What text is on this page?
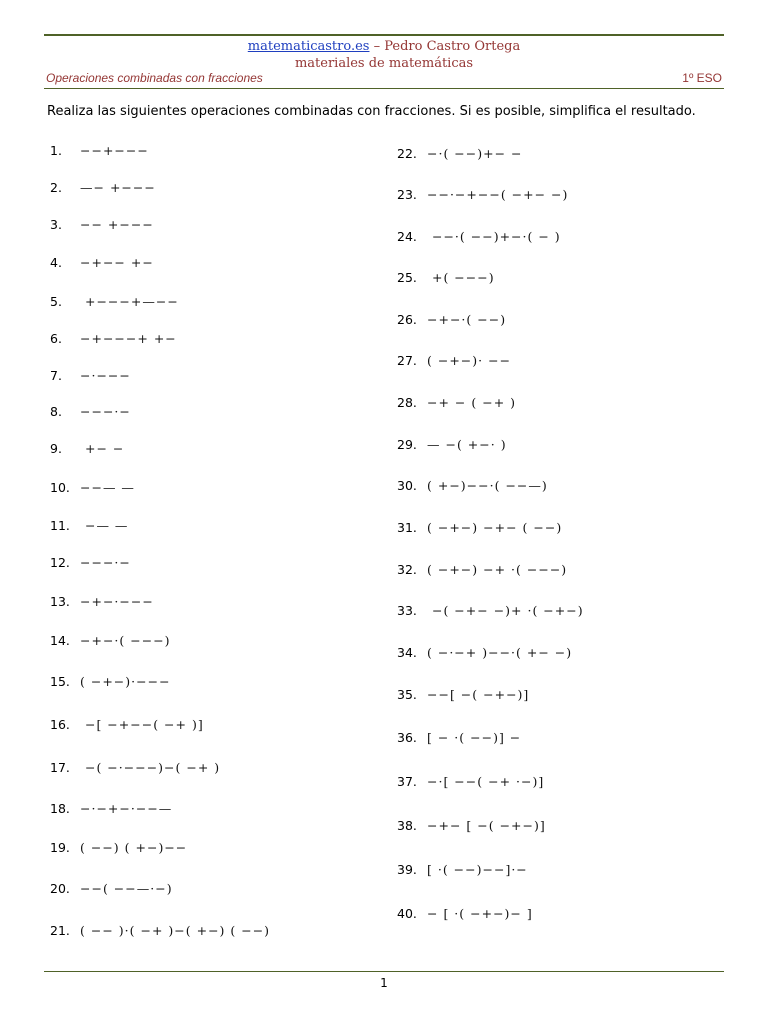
matematicastro.es – Pedro Castro Ortega
materiales de matemáticas
Operaciones combinadas con fracciones	1º ESO
Realiza las siguientes operaciones combinadas con fracciones. Si es posible, simplifica el resultado.
1. −−+−−−
2. —− +−−−
3. −− +−−−
4. −+−− +−
5. +−−−+—−−
6. −+−−−+ +−
7. −·−−−
8. −−−·−
9. +− −
10. −−— —
11. −— —
12. −−−·−
13. −+−·−−−
14. −+−·( −−−)
15. ( −+−)·−−−
16. −[ −+−−( −+ )]
17. −( −·−−−)−( −+ )
18. −·−+−·−−—
19. ( −−) ( +−)−−
20. −−( −−—·−)
21. ( −− )·( −+ )−( +−) ( −−)
22. −·( −−)+− −
23. −−·−+−−( −+− −)
24. −−·( −−)+−·( − )
25. +( −−−)
26. −+−·( −−)
27. ( −+−)· −−
28. −+ − ( −+ )
29. — −( +−· )
30. ( +−)−−·( −−—)
31. ( −+−) −+− ( −−)
32. ( −+−) −+ ·( −−−)
33. −( −+− −)+ ·( −+−)
34. ( −·−+ )−−·( +− −)
35. −−[ −( −+−)]
36. [ − ·( −−)] −
37. −·[ −−( −+ ·−)]
38. −+− [ −( −+−)]
39. [ ·( −−)−−]·−
40. − [ ·( −+−)− ]
1
